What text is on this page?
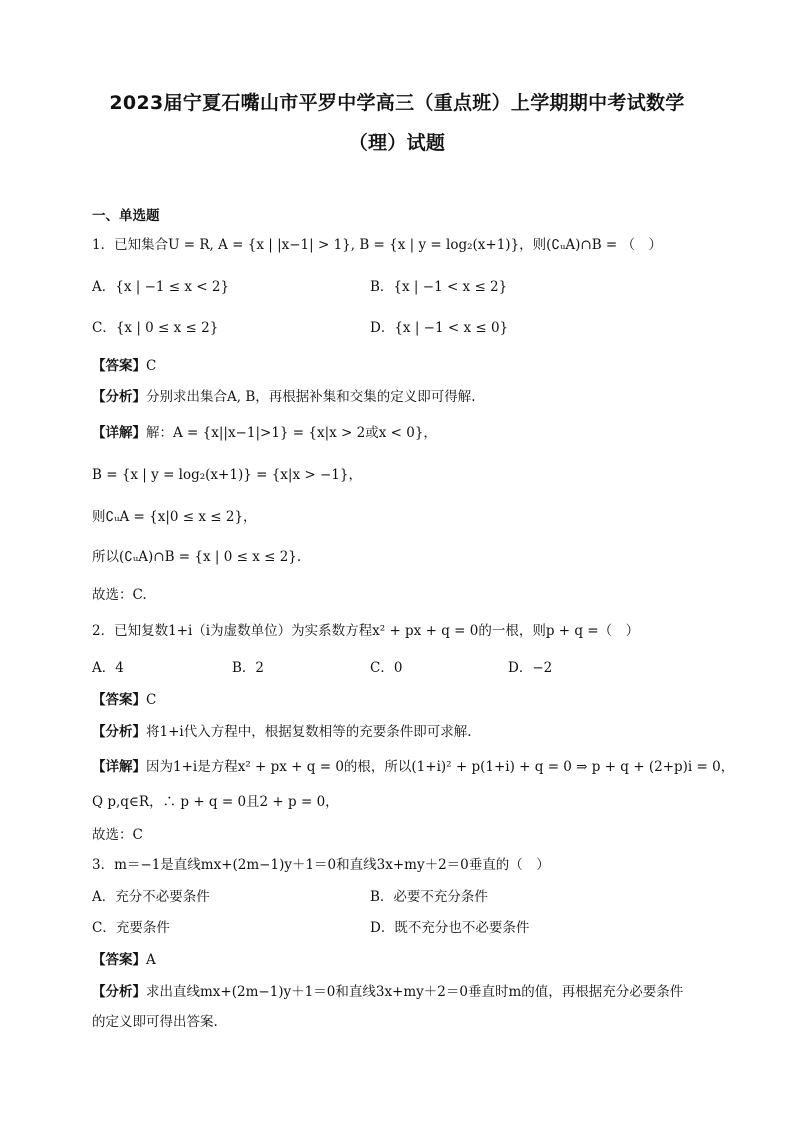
2023届宁夏石嘴山市平罗中学高三（重点班）上学期期中考试数学
（理）试题
一、单选题
1．已知集合U = R, A = {x | |x−1| > 1}, B = {x | y = log₂(x+1)}，则(∁ᵤA)∩B = （　）
A．{x | −1 ≤ x < 2}	B．{x | −1 < x ≤ 2}
C．{x | 0 ≤ x ≤ 2}	D．{x | −1 < x ≤ 0}
【答案】C
【分析】分别求出集合A, B，再根据补集和交集的定义即可得解.
【详解】解：A = {x||x−1|>1} = {x|x > 2或x < 0}，
B = {x | y = log₂(x+1)} = {x|x > −1}，
则∁ᵤA = {x|0 ≤ x ≤ 2}，
所以(∁ᵤA)∩B = {x | 0 ≤ x ≤ 2}.
故选：C.
2．已知复数1+i（i为虚数单位）为实系数方程x² + px + q = 0的一根，则p + q =（　）
A．4	B．2	C．0	D．−2
【答案】C
【分析】将1+i代入方程中，根据复数相等的充要条件即可求解.
【详解】因为1+i是方程x² + px + q = 0的根，所以(1+i)² + p(1+i) + q = 0 ⇒ p + q + (2+p)i = 0，
Q p,q∈R，∴ p + q = 0且2 + p = 0，
故选：C
3．m＝−1是直线mx+(2m−1)y＋1＝0和直线3x+my＋2＝0垂直的（　）
A．充分不必要条件	B．必要不充分条件
C．充要条件	D．既不充分也不必要条件
【答案】A
【分析】求出直线mx+(2m−1)y＋1＝0和直线3x+my＋2＝0垂直时m的值，再根据充分必要条件
的定义即可得出答案.
